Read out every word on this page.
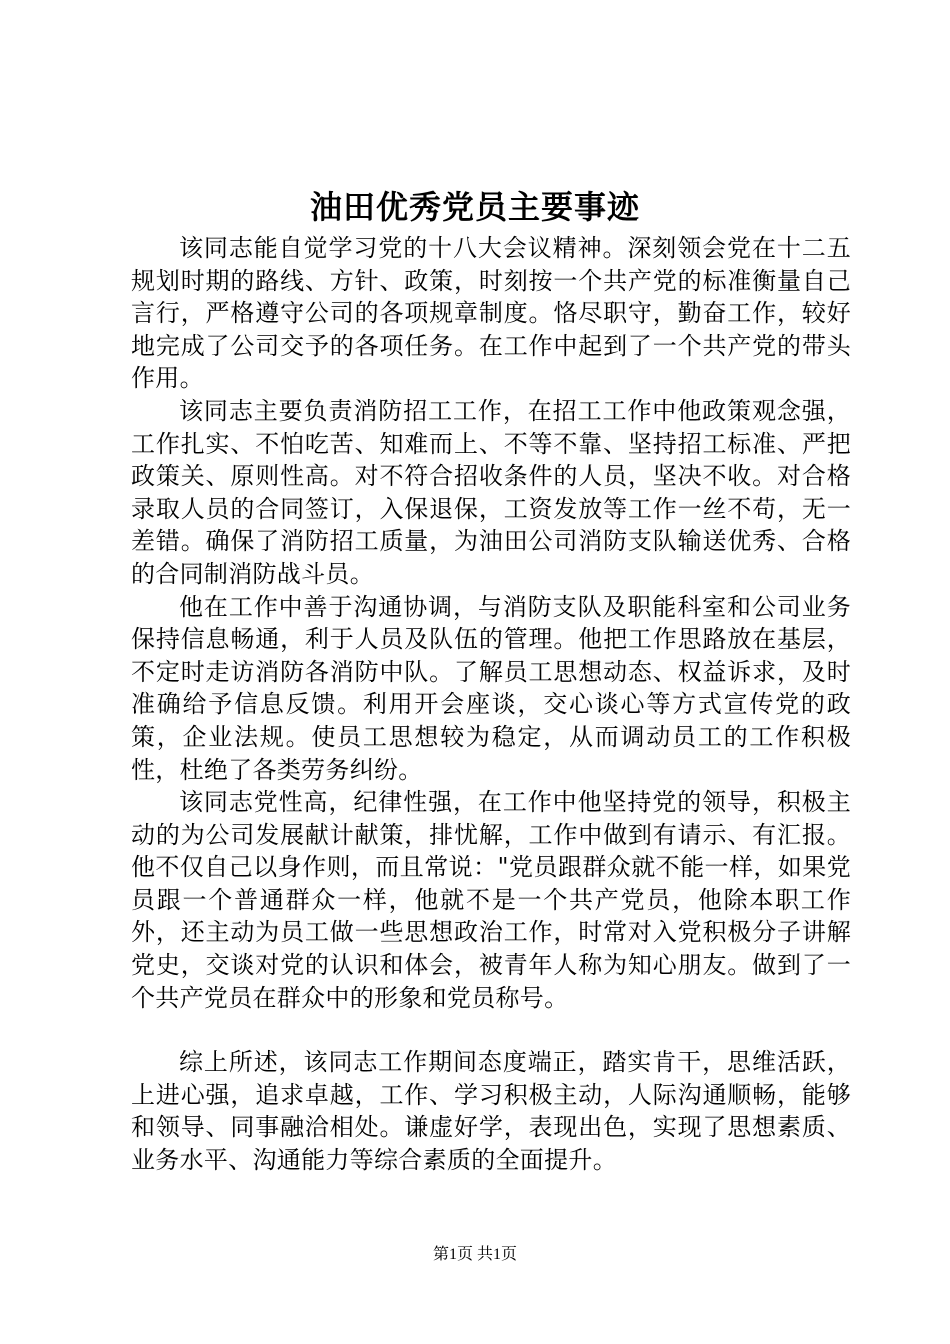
油田优秀党员主要事迹

该同志能自觉学习党的十八大会议精神。深刻领会党在十二五规划时期的路线、方针、政策，时刻按一个共产党的标准衡量自己言行，严格遵守公司的各项规章制度。恪尽职守，勤奋工作，较好地完成了公司交予的各项任务。在工作中起到了一个共产党的带头作用。

该同志主要负责消防招工工作，在招工工作中他政策观念强，工作扎实、不怕吃苦、知难而上、不等不靠、坚持招工标准、严把政策关、原则性高。对不符合招收条件的人员，坚决不收。对合格录取人员的合同签订，入保退保，工资发放等工作一丝不苟，无一差错。确保了消防招工质量，为油田公司消防支队输送优秀、合格的合同制消防战斗员。

他在工作中善于沟通协调，与消防支队及职能科室和公司业务保持信息畅通，利于人员及队伍的管理。他把工作思路放在基层，不定时走访消防各消防中队。了解员工思想动态、权益诉求，及时准确给予信息反馈。利用开会座谈，交心谈心等方式宣传党的政策，企业法规。使员工思想较为稳定，从而调动员工的工作积极性，杜绝了各类劳务纠纷。

该同志党性高，纪律性强，在工作中他坚持党的领导，积极主动的为公司发展献计献策，排忧解，工作中做到有请示、有汇报。他不仅自己以身作则，而且常说："党员跟群众就不能一样，如果党员跟一个普通群众一样，他就不是一个共产党员，他除本职工作外，还主动为员工做一些思想政治工作，时常对入党积极分子讲解党史，交谈对党的认识和体会，被青年人称为知心朋友。做到了一个共产党员在群众中的形象和党员称号。

综上所述，该同志工作期间态度端正，踏实肯干，思维活跃，上进心强，追求卓越，工作、学习积极主动，人际沟通顺畅，能够和领导、同事融洽相处。谦虚好学，表现出色，实现了思想素质、业务水平、沟通能力等综合素质的全面提升。

第1页 共1页
